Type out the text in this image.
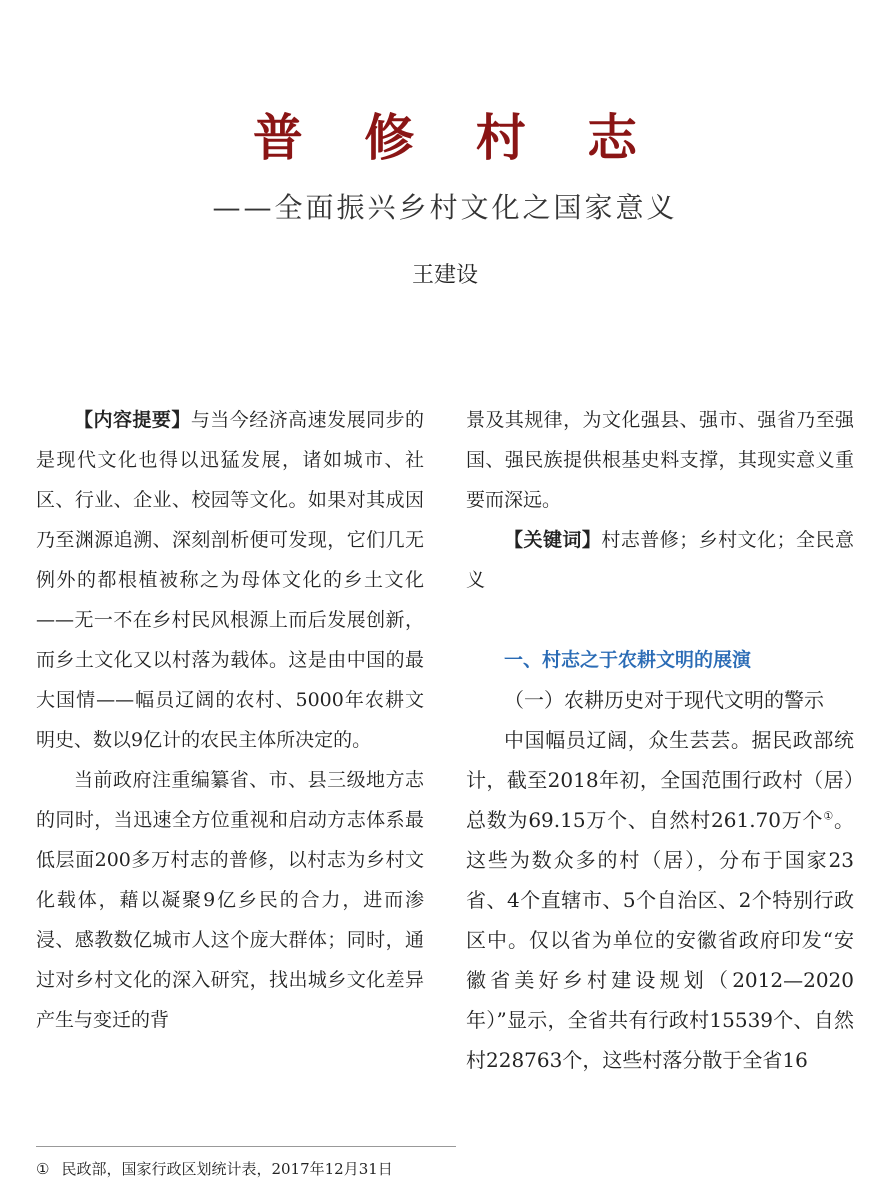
普 修 村 志
——全面振兴乡村文化之国家意义
王建设

【内容提要】与当今经济高速发展同步的是现代文化也得以迅猛发展，诸如城市、社区、行业、企业、校园等文化。如果对其成因乃至渊源追溯、深刻剖析便可发现，它们几无例外的都根植被称之为母体文化的乡土文化——无一不在乡村民风根源上而后发展创新，而乡土文化又以村落为载体。这是由中国的最大国情——幅员辽阔的农村、5000年农耕文明史、数以9亿计的农民主体所决定的。

当前政府注重编纂省、市、县三级地方志的同时，当迅速全方位重视和启动方志体系最低层面200多万村志的普修，以村志为乡村文化载体，藉以凝聚9亿乡民的合力，进而渗浸、感教数亿城市人这个庞大群体；同时，通过对乡村文化的深入研究，找出城乡文化差异产生与变迁的背

景及其规律，为文化强县、强市、强省乃至强国、强民族提供根基史料支撑，其现实意义重要而深远。

【关键词】村志普修；乡村文化；全民意义

一、村志之于农耕文明的展演

（一）农耕历史对于现代文明的警示

中国幅员辽阔，众生芸芸。据民政部统计，截至2018年初，全国范围行政村（居）总数为69.15万个、自然村261.70万个①。这些为数众多的村（居），分布于国家23省、4个直辖市、5个自治区、2个特别行政区中。仅以省为单位的安徽省政府印发“安徽省美好乡村建设规划（2012—2020年）”显示，全省共有行政村15539个、自然村228763个，这些村落分散于全省16

① 民政部，国家行政区划统计表，2017年12月31日
